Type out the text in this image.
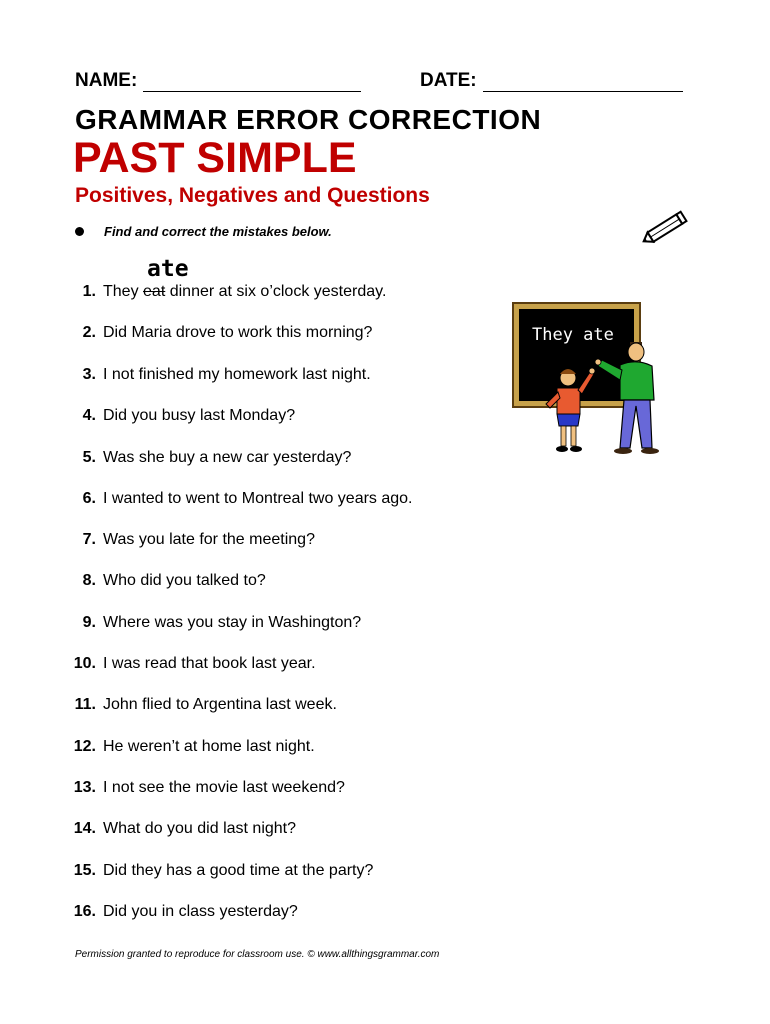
NAME:	DATE:
GRAMMAR ERROR CORRECTION
PAST SIMPLE
Positives, Negatives and Questions
Find and correct the mistakes below.
ate
1. They eat dinner at six o’clock yesterday.
2. Did Maria drove to work this morning?
3. I not finished my homework last night.
4. Did you busy last Monday?
5. Was she buy a new car yesterday?
6. I wanted to went to Montreal two years ago.
7. Was you late for the meeting?
8. Who did you talked to?
9. Where was you stay in Washington?
10. I was read that book last year.
11. John flied to Argentina last week.
12. He weren’t at home last night.
13. I not see the movie last weekend?
14. What do you did last night?
15. Did they has a good time at the party?
16. Did you in class yesterday?
They ate
Permission granted to reproduce for classroom use. © www.allthingsgrammar.com
